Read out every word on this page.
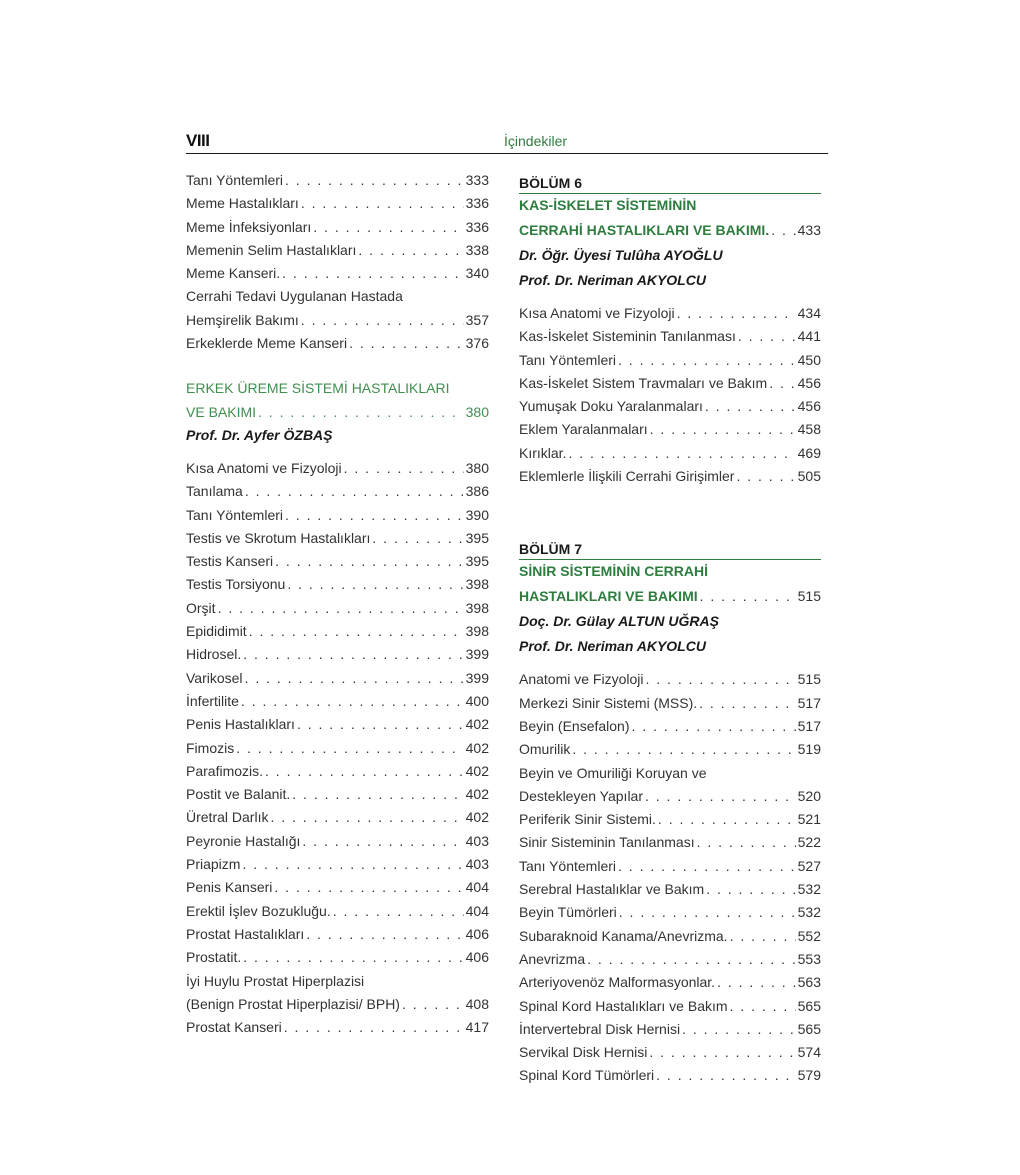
VIII	İçindekiler
Tanı Yöntemleri . . .	333
Meme Hastalıkları . . .	336
Meme İnfeksiyonları . . .	336
Memenin Selim Hastalıkları . . .	338
Meme Kanseri. . . .	340
Cerrahi Tedavi Uygulanan Hastada
Hemşirelik Bakımı . . .	357
Erkeklerde Meme Kanseri . . .	376
ERKEK ÜREME SİSTEMİ HASTALIKLARI
VE BAKIMI . . .	380
Prof. Dr. Ayfer ÖZBAŞ
Kısa Anatomi ve Fizyoloji . . .	380
Tanılama . . .	386
Tanı Yöntemleri . . .	390
Testis ve Skrotum Hastalıkları . . .	395
Testis Kanseri . . .	395
Testis Torsiyonu . . .	398
Orşit . . .	398
Epididimit . . .	398
Hidrosel. . . .	399
Varikosel . . .	399
İnfertilite . . .	400
Penis Hastalıkları . . .	402
Fimozis . . .	402
Parafimozis. . . .	402
Postit ve Balanit. . . .	402
Üretral Darlık . . .	402
Peyronie Hastalığı . . .	403
Priapizm . . .	403
Penis Kanseri . . .	404
Erektil İşlev Bozukluğu. . . .	404
Prostat Hastalıkları . . .	406
Prostatit. . . .	406
İyi Huylu Prostat Hiperplazisi
(Benign Prostat Hiperplazisi/ BPH) . . .	408
Prostat Kanseri . . .	417
BÖLÜM 6
KAS-İSKELET SİSTEMİNİN
CERRAHİ HASTALIKLARI VE BAKIMI. . . . 433
Dr. Öğr. Üyesi Tulûha AYOĞLU
Prof. Dr. Neriman AKYOLCU
Kısa Anatomi ve Fizyoloji . . .	434
Kas-İskelet Sisteminin Tanılanması . . .	441
Tanı Yöntemleri . . .	450
Kas-İskelet Sistem Travmaları ve Bakım . . . 456
Yumuşak Doku Yaralanmaları . . .	456
Eklem Yaralanmaları . . .	458
Kırıklar. . . .	469
Eklemlerle İlişkili Cerrahi Girişimler . . .	505
BÖLÜM 7
SİNİR SİSTEMİNİN CERRAHİ
HASTALIKLARI VE BAKIMI . . .	515
Doç. Dr. Gülay ALTUN UĞRAŞ
Prof. Dr. Neriman AKYOLCU
Anatomi ve Fizyoloji . . .	515
Merkezi Sinir Sistemi (MSS). . . .	517
Beyin (Ensefalon) . . .	517
Omurilik . . .	519
Beyin ve Omuriliği Koruyan ve
Destekleyen Yapılar . . .	520
Periferik Sinir Sistemi. . . .	521
Sinir Sisteminin Tanılanması . . .	522
Tanı Yöntemleri . . .	527
Serebral Hastalıklar ve Bakım . . .	532
Beyin Tümörleri . . .	532
Subaraknoid Kanama/Anevrizma. . . .	552
Anevrizma . . .	553
Arteriyovenöz Malformasyonlar. . . .	563
Spinal Kord Hastalıkları ve Bakım . . .	565
İntervertebral Disk Hernisi . . .	565
Servikal Disk Hernisi . . .	574
Spinal Kord Tümörleri . . .	579
